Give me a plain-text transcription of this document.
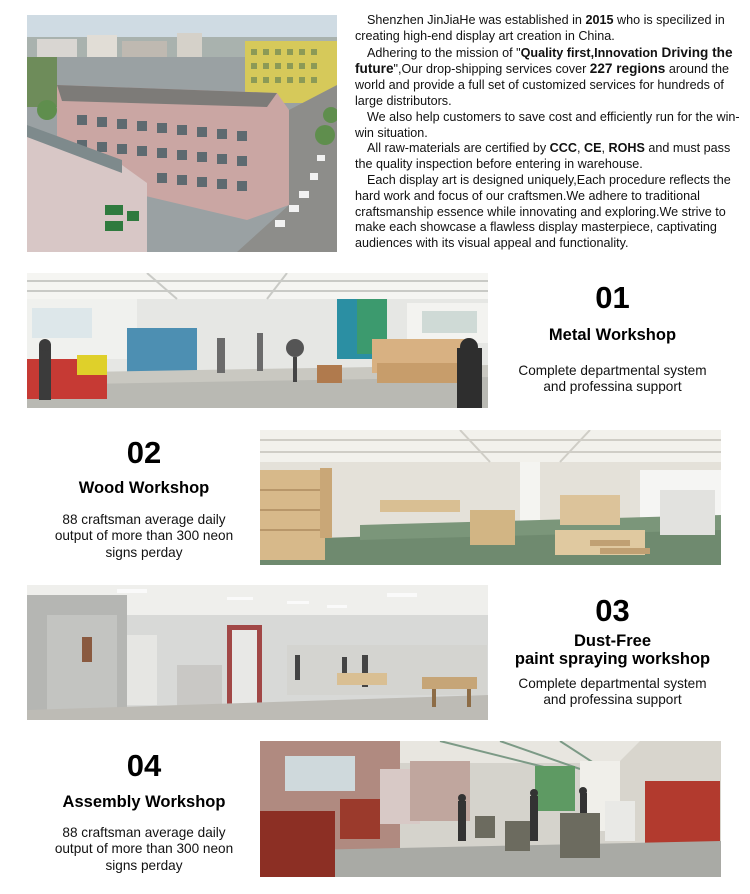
Shenzhen JinJiaHe was established in 2015 who is specilized in creating high-end display art creation in China.

Adhering to the mission of "Quality first,Innovation Driving the future",Our drop-shipping services cover 227 regions around the world and provide a full set of customized services for hundreds of large distributors.

We also help customers to save cost and efficiently run for the win-win situation.

All raw-materials are certified by CCC, CE, ROHS and must pass the quality inspection before entering in warehouse.

Each display art is designed uniquely,Each procedure reflects the hard work and focus of our craftsmen.We adhere to traditional craftsmanship essence while innovating and exploring.We strive to make each showcase a flawless display masterpiece, captivating audiences with its visual appeal and functionality.

01
Metal Workshop
Complete departmental system
and professina support
02
Wood Workshop
88 craftsman average daily
output of more than 300 neon
signs perday
03
Dust-Free
paint spraying workshop
Complete departmental system
and professina support
04
Assembly Workshop
88 craftsman average daily
output of more than 300 neon
signs perday
